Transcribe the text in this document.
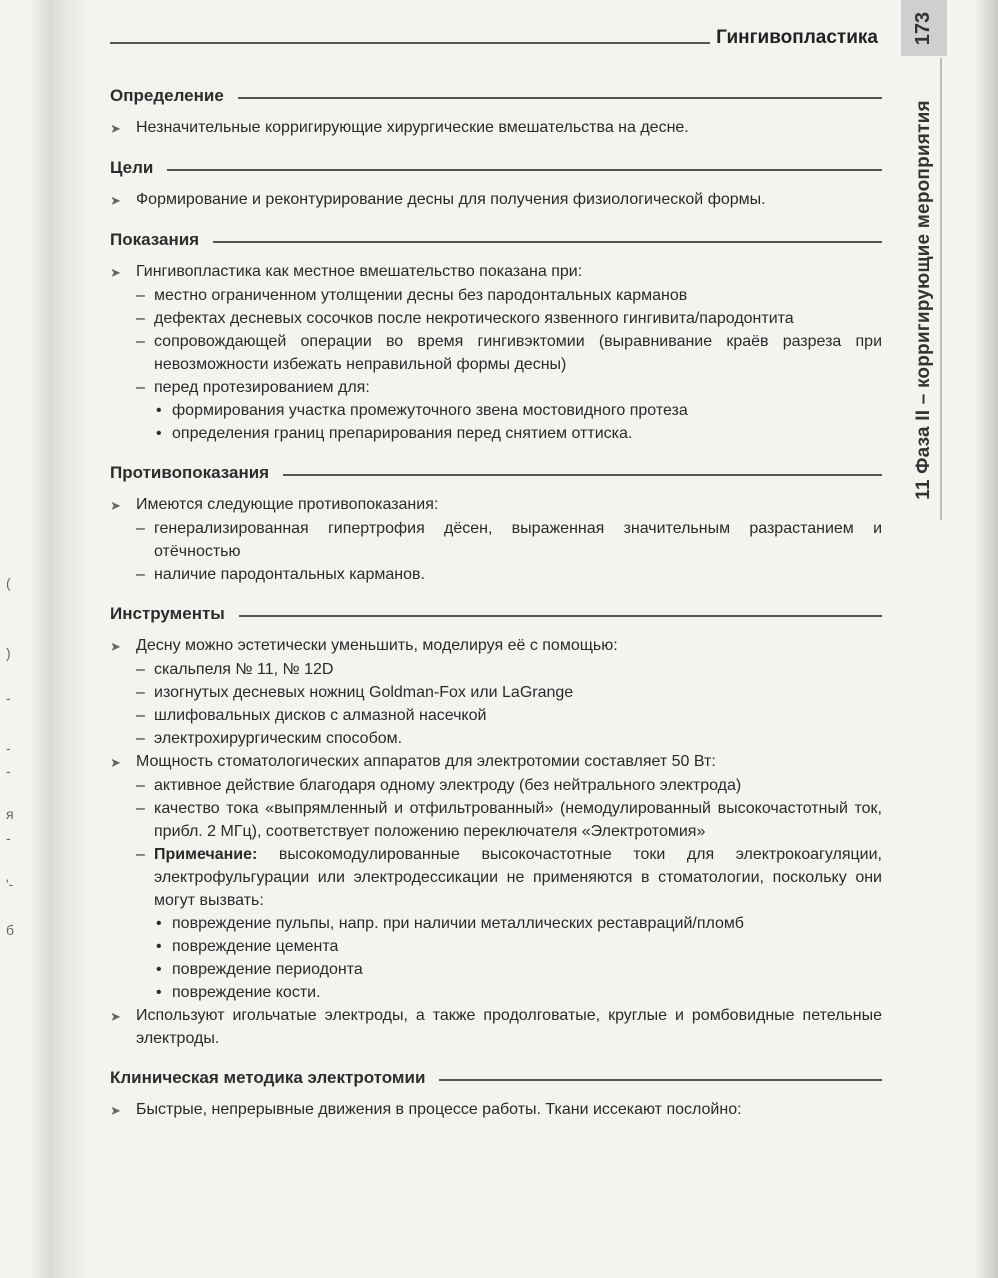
(
)
-
-
-
я
-
'-
б
Гингивопластика 173
11 Фаза II – корригирующие мероприятия
Определение
➤ Незначительные корригирующие хирургические вмешательства на десне.
Цели
➤ Формирование и реконтурирование десны для получения физиологической формы.
Показания
➤ Гингивопластика как местное вмешательство показана при:
– местно ограниченном утолщении десны без пародонтальных карманов
– дефектах десневых сосочков после некротического язвенного гингивита/пародонтита
– сопровождающей операции во время гингивэктомии (выравнивание краёв разреза при невозможности избежать неправильной формы десны)
– перед протезированием для:
• формирования участка промежуточного звена мостовидного протеза
• определения границ препарирования перед снятием оттиска.
Противопоказания
➤ Имеются следующие противопоказания:
– генерализированная гипертрофия дёсен, выраженная значительным разрастанием и отёчностью
– наличие пародонтальных карманов.
Инструменты
➤ Десну можно эстетически уменьшить, моделируя её с помощью:
– скальпеля № 11, № 12D
– изогнутых десневых ножниц Goldman-Fox или LaGrange
– шлифовальных дисков с алмазной насечкой
– электрохирургическим способом.
➤ Мощность стоматологических аппаратов для электротомии составляет 50 Вт:
– активное действие благодаря одному электроду (без нейтрального электрода)
– качество тока «выпрямленный и отфильтрованный» (немодулированный высокочастотный ток, прибл. 2 МГц), соответствует положению переключателя «Электротомия»
– Примечание: высокомодулированные высокочастотные токи для электрокоагуляции, электрофульгурации или электродессикации не применяются в стоматологии, поскольку они могут вызвать:
• повреждение пульпы, напр. при наличии металлических реставраций/пломб
• повреждение цемента
• повреждение периодонта
• повреждение кости.
➤ Используют игольчатые электроды, а также продолговатые, круглые и ромбовидные петельные электроды.
Клиническая методика электротомии
➤ Быстрые, непрерывные движения в процессе работы. Ткани иссекают послойно:
